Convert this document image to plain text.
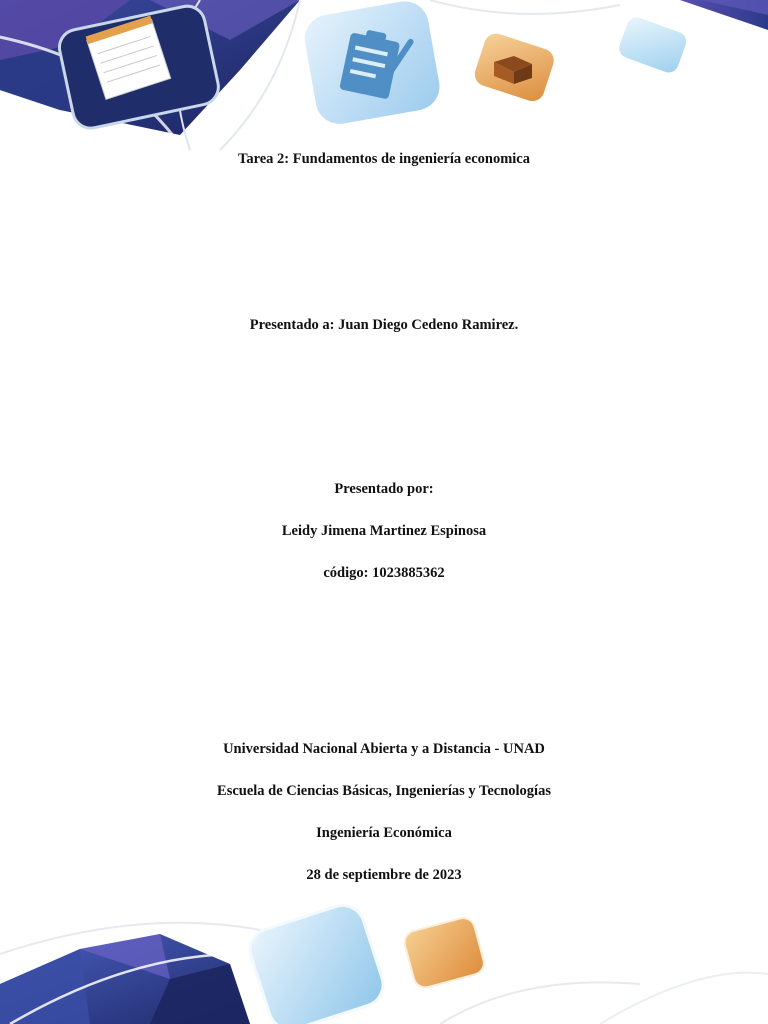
Tarea 2: Fundamentos de ingeniería economica
Presentado a: Juan Diego Cedeno Ramirez.
Presentado por:
Leidy Jimena Martinez Espinosa
código: 1023885362
Universidad Nacional Abierta y a Distancia - UNAD
Escuela de Ciencias Básicas, Ingenierías y Tecnologías
Ingeniería Económica
28 de septiembre de 2023
